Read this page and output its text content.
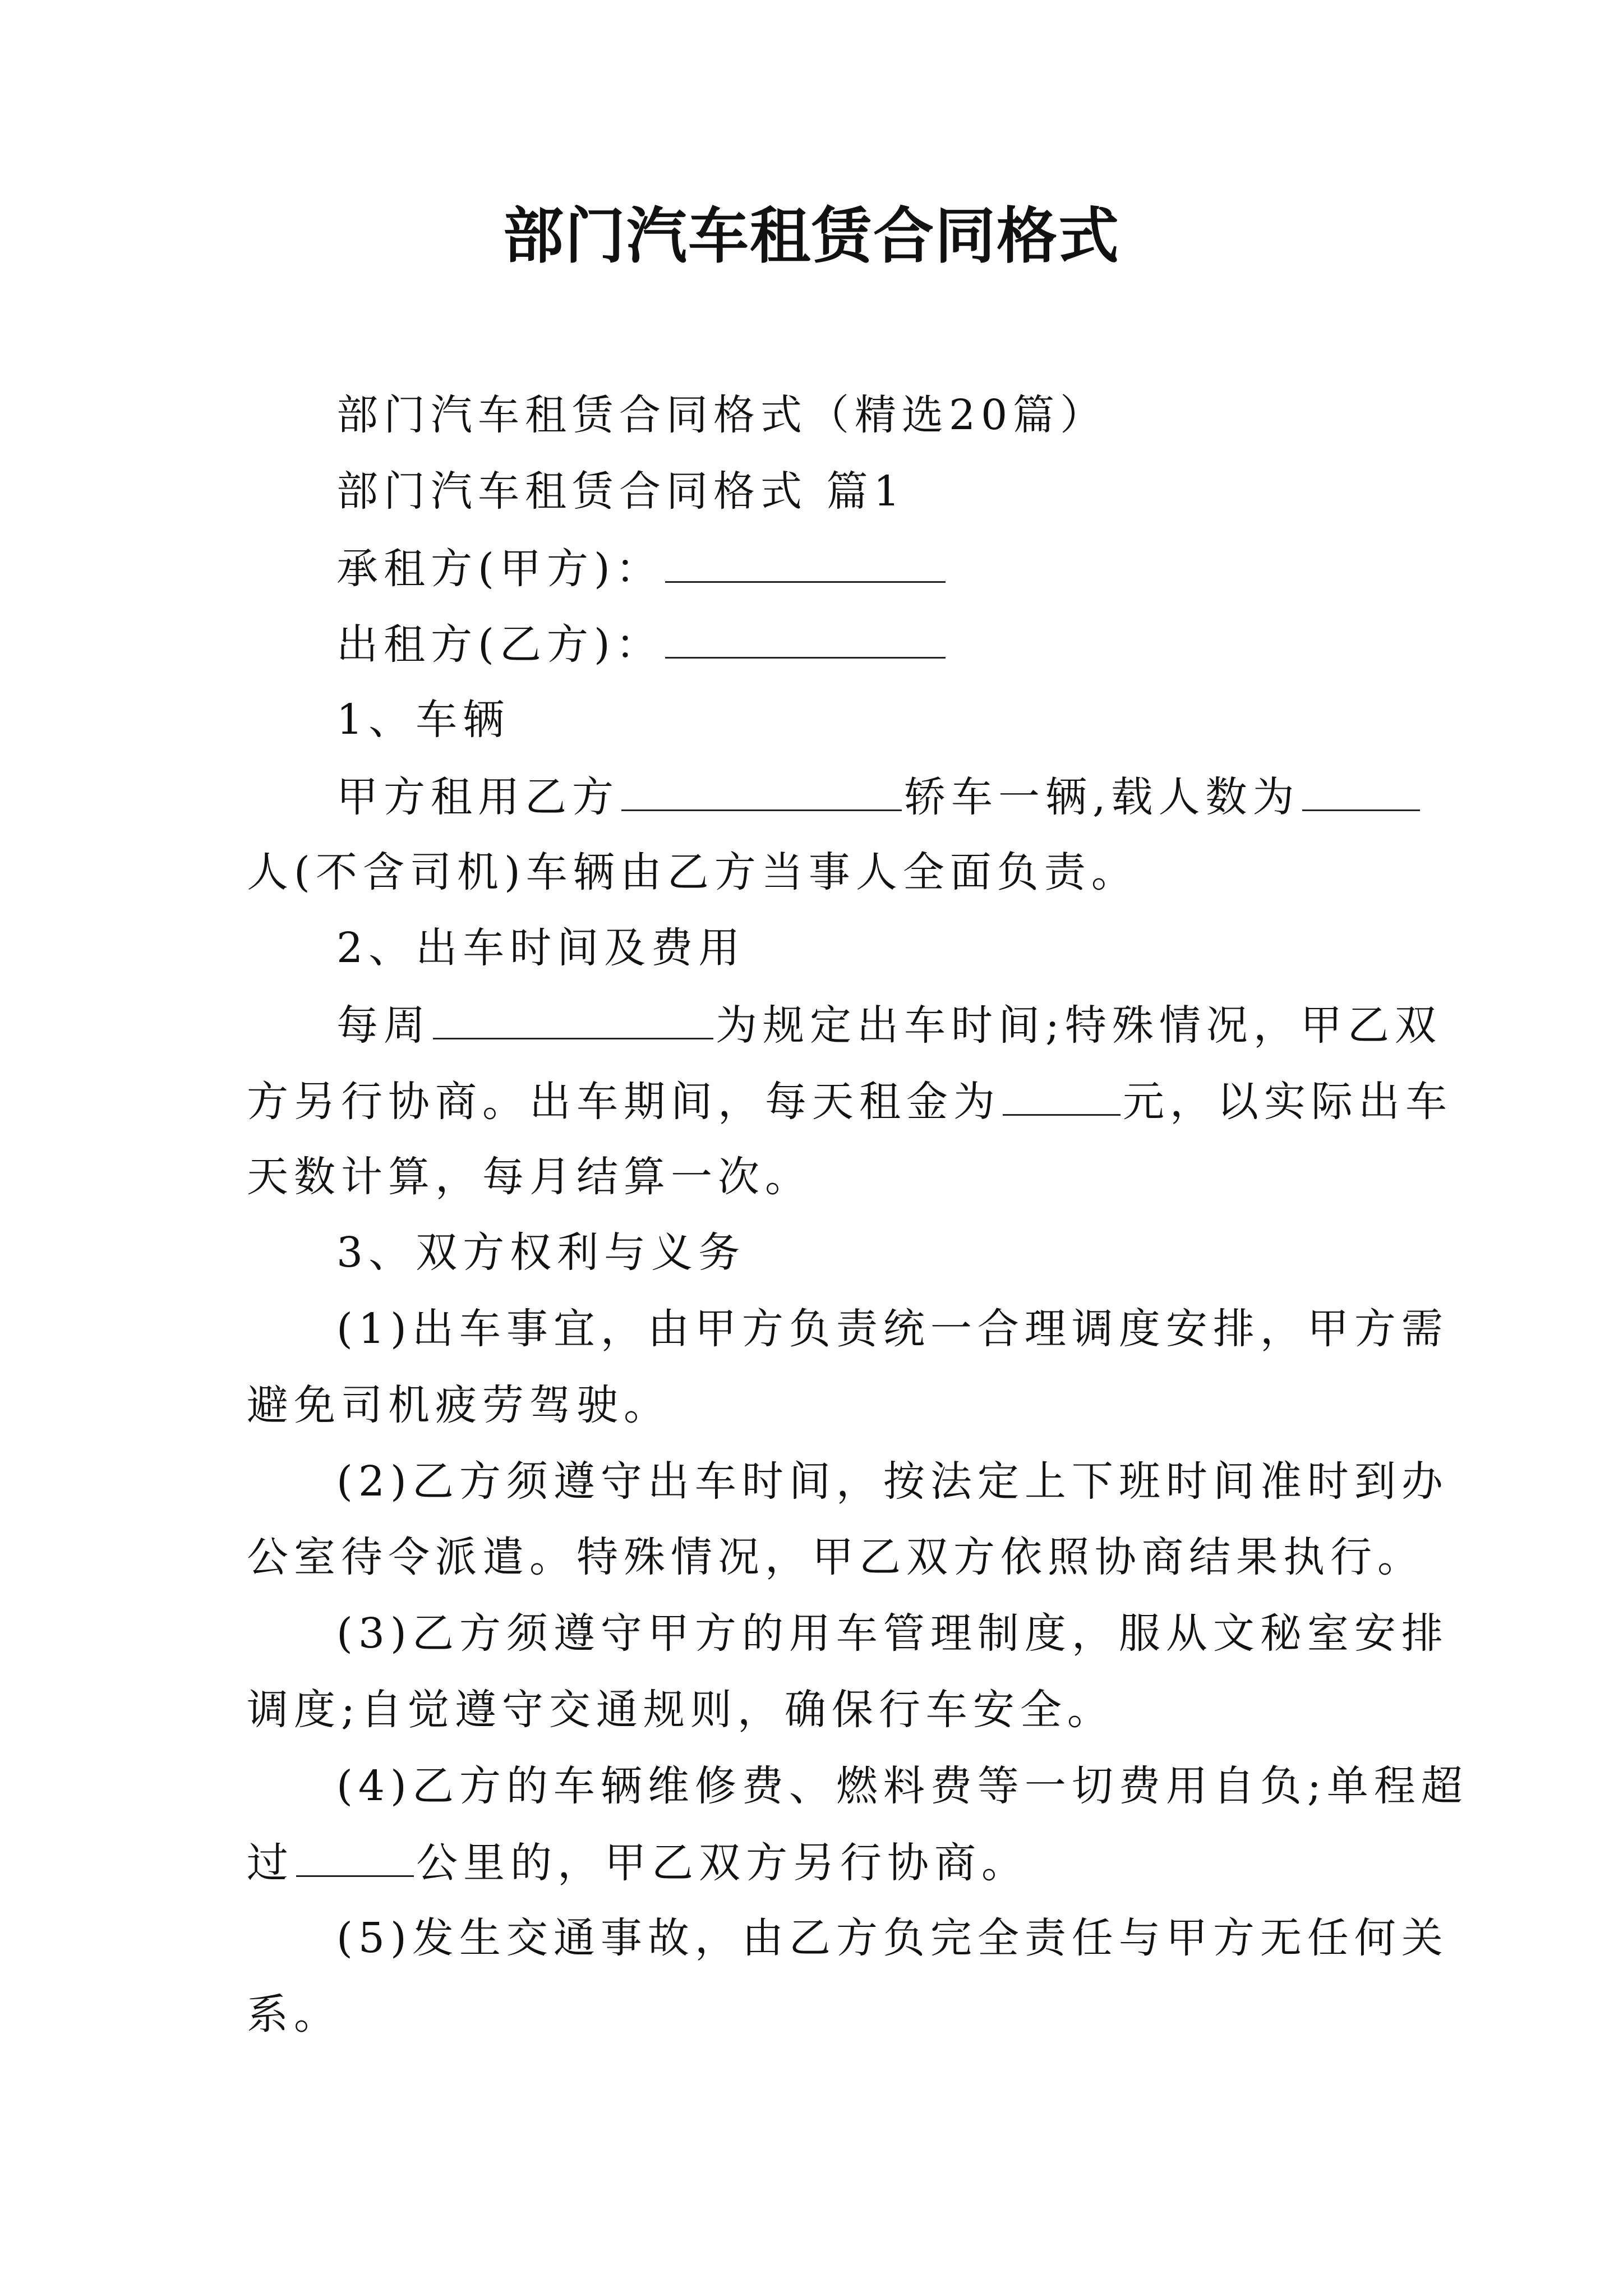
部门汽车租赁合同格式
部门汽车租赁合同格式（精选20篇）
部门汽车租赁合同格式 篇1
承租方(甲方)：
出租方(乙方)：
1、车辆
甲方租用乙方	轿车一辆,载人数为
人(不含司机)车辆由乙方当事人全面负责。
2、出车时间及费用
每周	为规定出车时间;特殊情况，甲乙双
方另行协商。出车期间，每天租金为	元，以实际出车
天数计算，每月结算一次。
3、双方权利与义务
(1)出车事宜，由甲方负责统一合理调度安排，甲方需
避免司机疲劳驾驶。
(2)乙方须遵守出车时间，按法定上下班时间准时到办
公室待令派遣。特殊情况，甲乙双方依照协商结果执行。
(3)乙方须遵守甲方的用车管理制度，服从文秘室安排
调度;自觉遵守交通规则，确保行车安全。
(4)乙方的车辆维修费、燃料费等一切费用自负;单程超
过	公里的，甲乙双方另行协商。
(5)发生交通事故，由乙方负完全责任与甲方无任何关
系。
